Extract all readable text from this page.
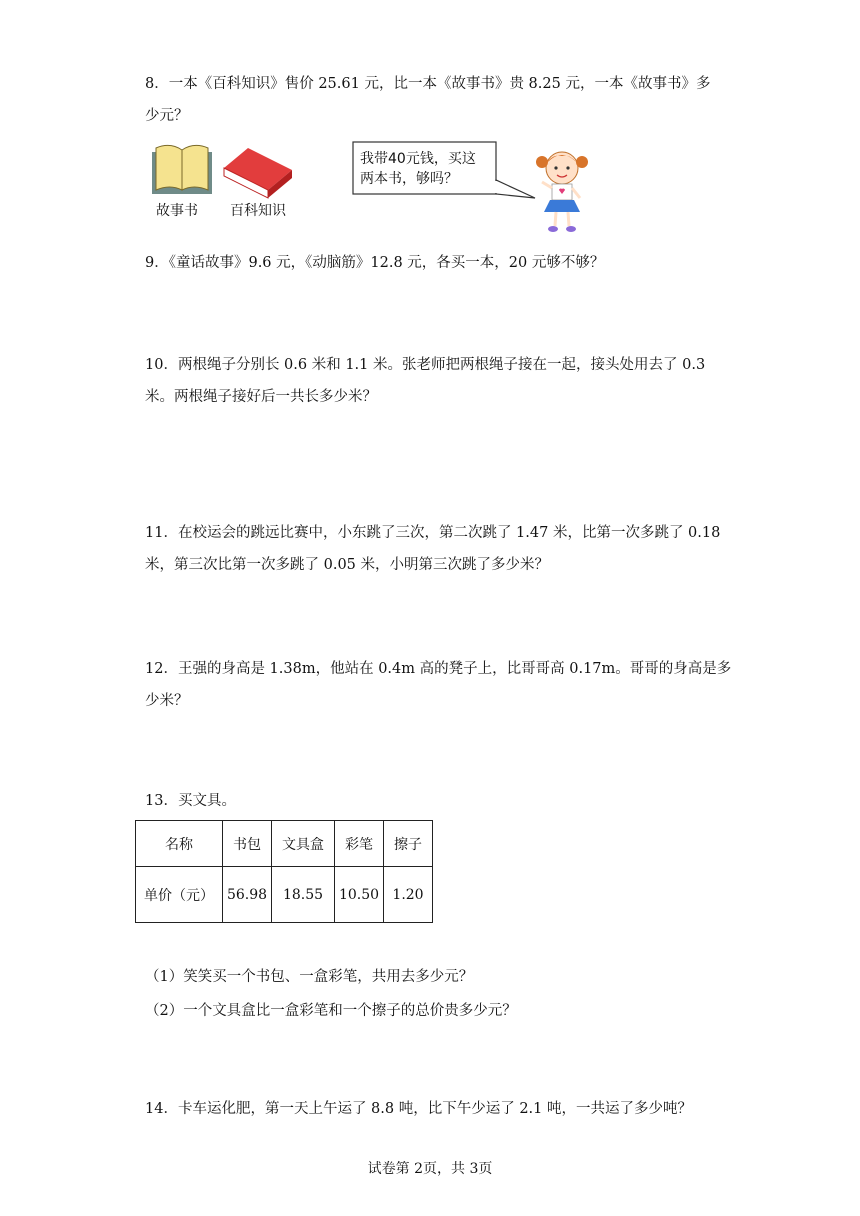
8．一本《百科知识》售价 25.61 元，比一本《故事书》贵 8.25 元，一本《故事书》多
少元？
故事书 百科知识
我带40元钱，买这
两本书，够吗？
9．《童话故事》9.6 元，《动脑筋》12.8 元，各买一本，20 元够不够？
10．两根绳子分别长 0.6 米和 1.1 米。张老师把两根绳子接在一起，接头处用去了 0.3
米。两根绳子接好后一共长多少米？
11．在校运会的跳远比赛中，小东跳了三次，第二次跳了 1.47 米，比第一次多跳了 0.18
米，第三次比第一次多跳了 0.05 米，小明第三次跳了多少米？
12．王强的身高是 1.38m，他站在 0.4m 高的凳子上，比哥哥高 0.17m。哥哥的身高是多
少米？
13．买文具。
名称	书包	文具盒	彩笔	擦子
单价（元）	56.98	18.55	10.50	1.20
（1）笑笑买一个书包、一盒彩笔，共用去多少元？
（2）一个文具盒比一盒彩笔和一个擦子的总价贵多少元？
14．卡车运化肥，第一天上午运了 8.8 吨，比下午少运了 2.1 吨，一共运了多少吨？
试卷第 2页，共 3页
